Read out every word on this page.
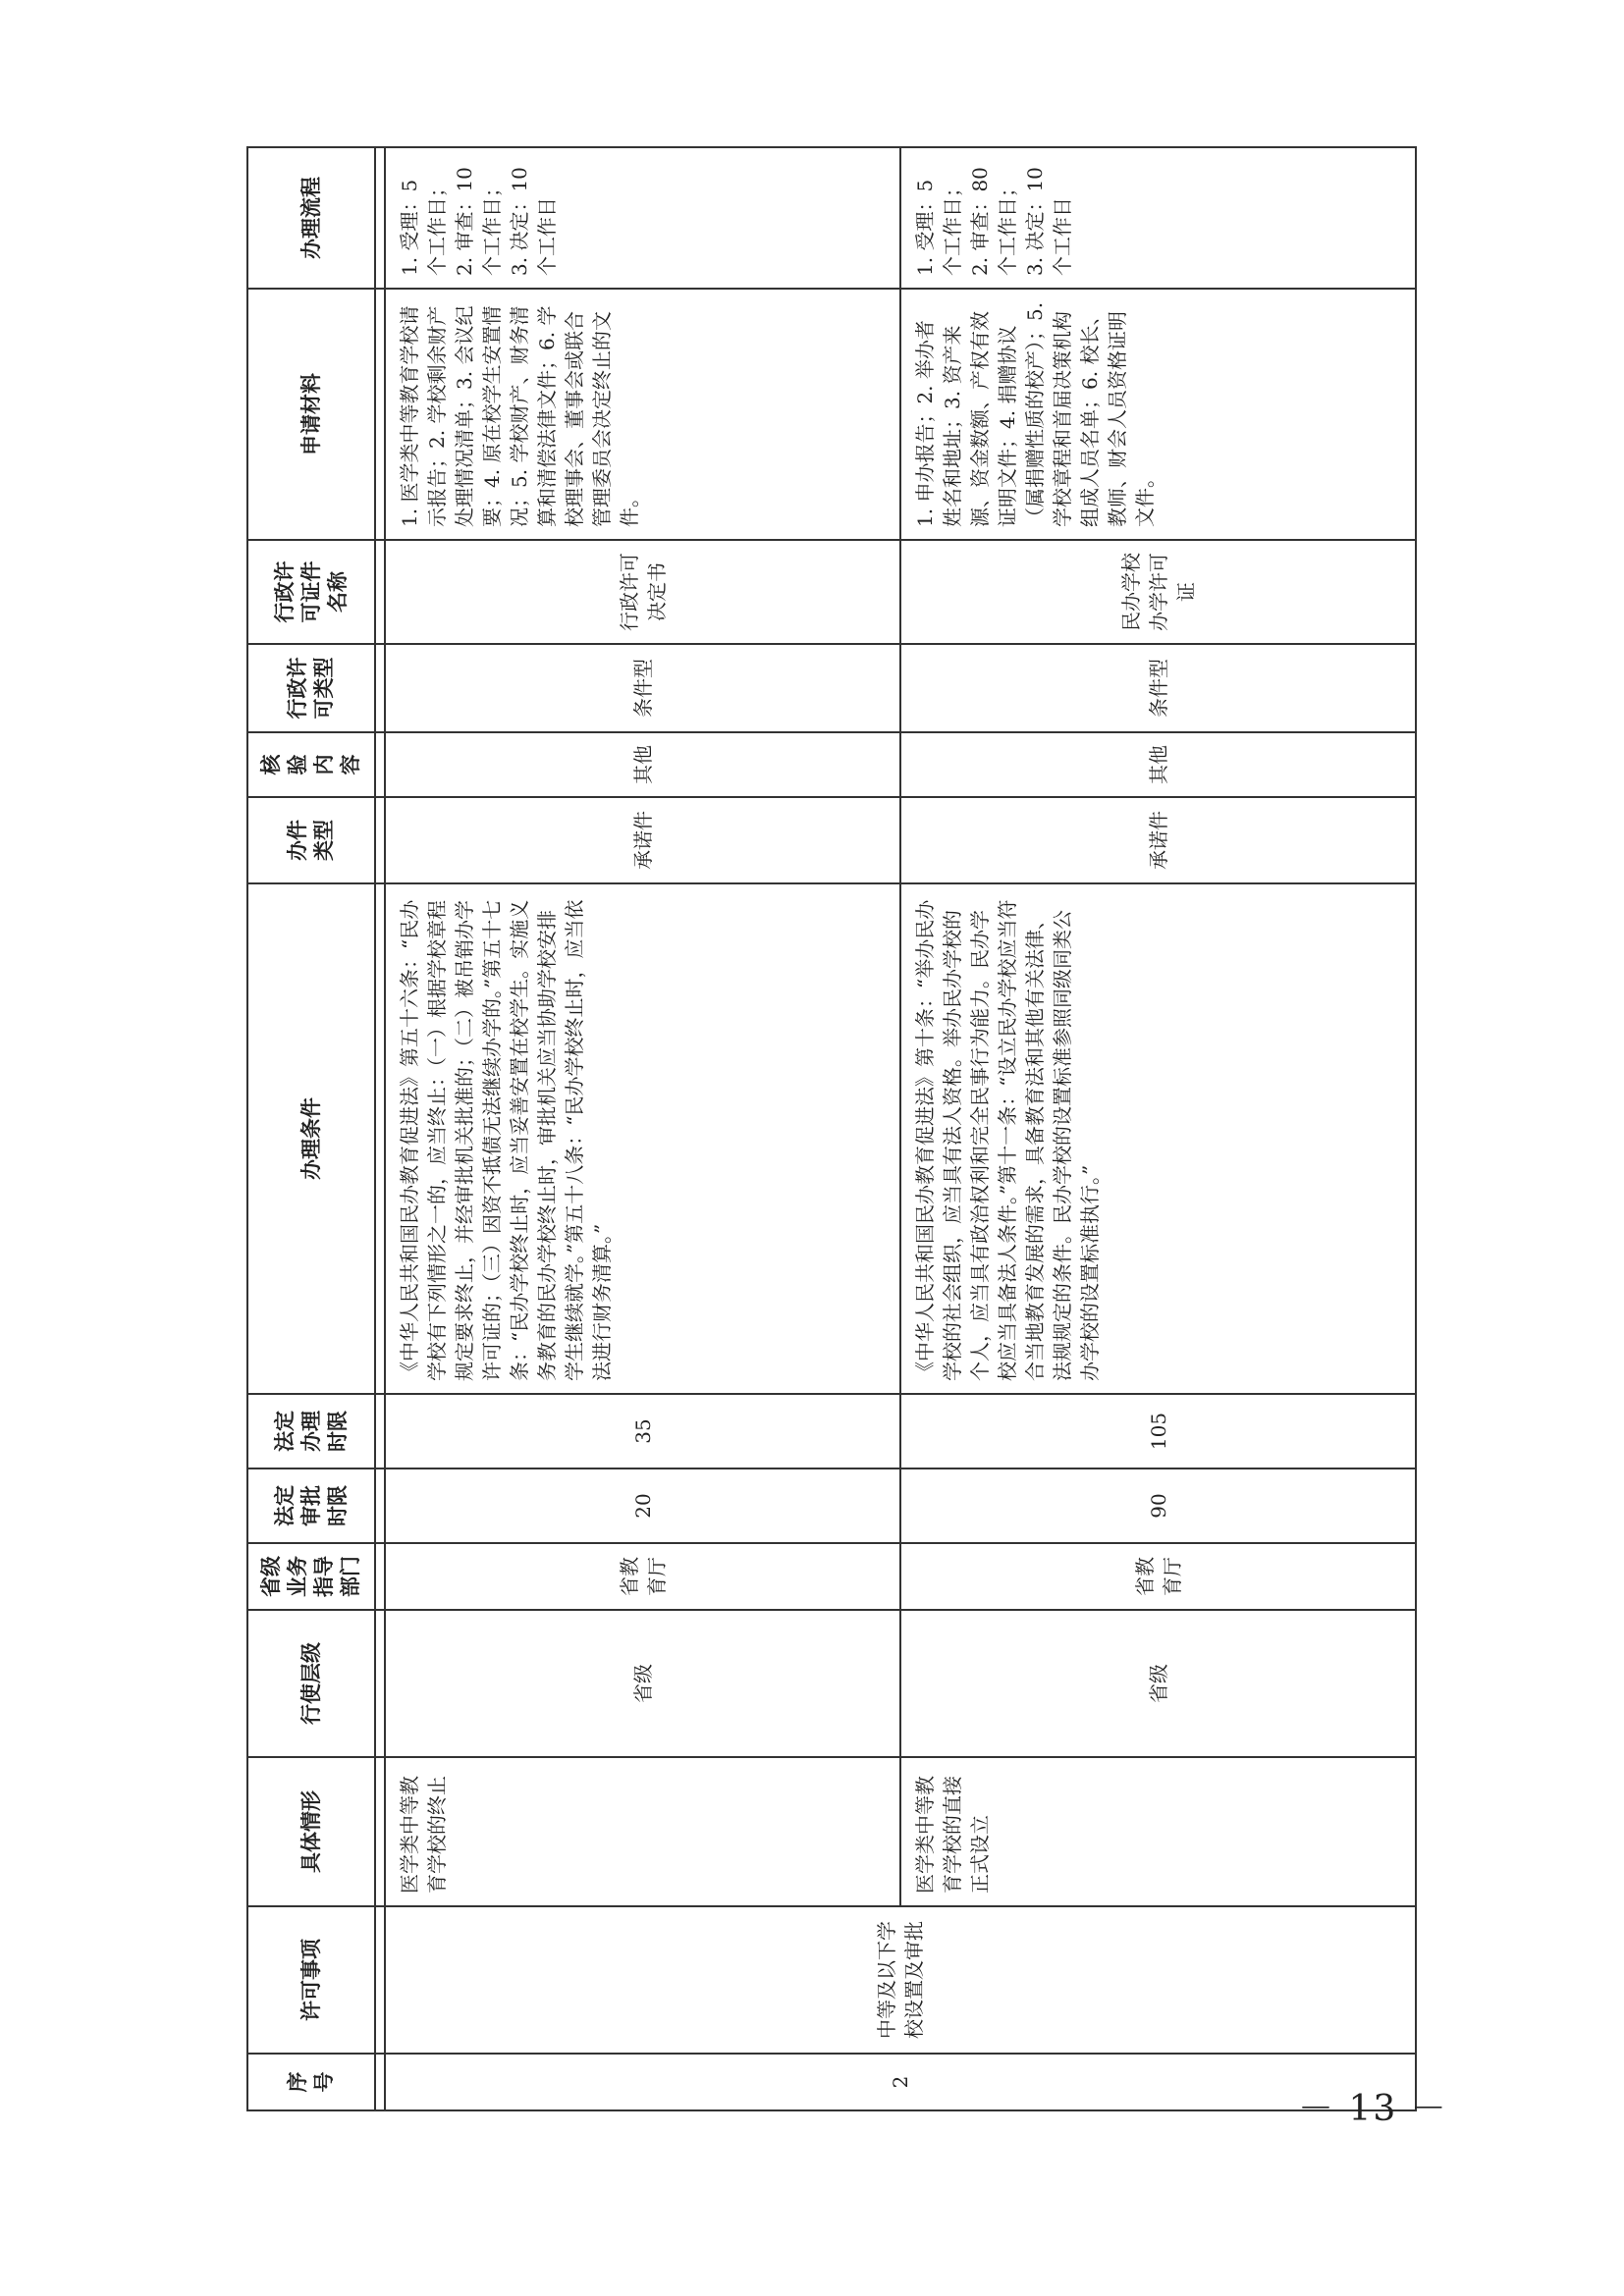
序号	许可事项	具体情形	行使层级	省级业务指导部门	法定审批时限	法定办理时限	办理条件	办件类型	核验内容	行政许可类型	行政许可证件名称	申请材料	办理流程

2	中等及以下学校设置及审批	医学类中等教育学校的终止	省级	省教育厅	20	35	《中华人民共和国民办教育促进法》第五十六条：“民办学校有下列情形之一的，应当终止：（一）根据学校章程规定要求终止，并经审批机关批准的；（二）被吊销办学许可证的；（三）因资不抵债无法继续办学的。”第五十七条：“民办学校终止时，应当妥善安置在校学生。实施义务教育的民办学校终止时，审批机关应当协助学校安排学生继续就学。”第五十八条：“民办学校终止时，应当依法进行财务清算。”	承诺件	其他	条件型	行政许可决定书	1. 医学类中等教育学校请示报告；2. 学校剩余财产处理情况清单；3. 会议纪要；4. 原在校学生安置情况；5. 学校财产、财务清算和清偿法律文件；6. 学校理事会、董事会或联合管理委员会决定终止的文件。	1. 受理：5 个工作日；2. 审查：10 个工作日；3. 决定：10 个工作日
		医学类中等教育学校的直接正式设立	省级	省教育厅	90	105	《中华人民共和国民办教育促进法》第十条：“举办民办学校的社会组织，应当具有法人资格。举办民办学校的个人，应当具有政治权利和完全民事行为能力。民办学校应当具备法人条件。”第十一条：“设立民办学校应当符合当地教育发展的需求，具备教育法和其他有关法律、法规规定的条件。民办学校的设置标准参照同级同类公办学校的设置标准执行。”	承诺件	其他	条件型	民办学校办学许可证	1. 申办报告；2. 举办者姓名和地址；3. 资产来源、资金数额、产权有效证明文件；4. 捐赠协议（属捐赠性质的校产）；5. 学校章程和首届决策机构组成人员名单；6. 校长、教师、财会人员资格证明文件。	1. 受理：5 个工作日；2. 审查：80 个工作日；3. 决定：10 个工作日
－ 13 －
